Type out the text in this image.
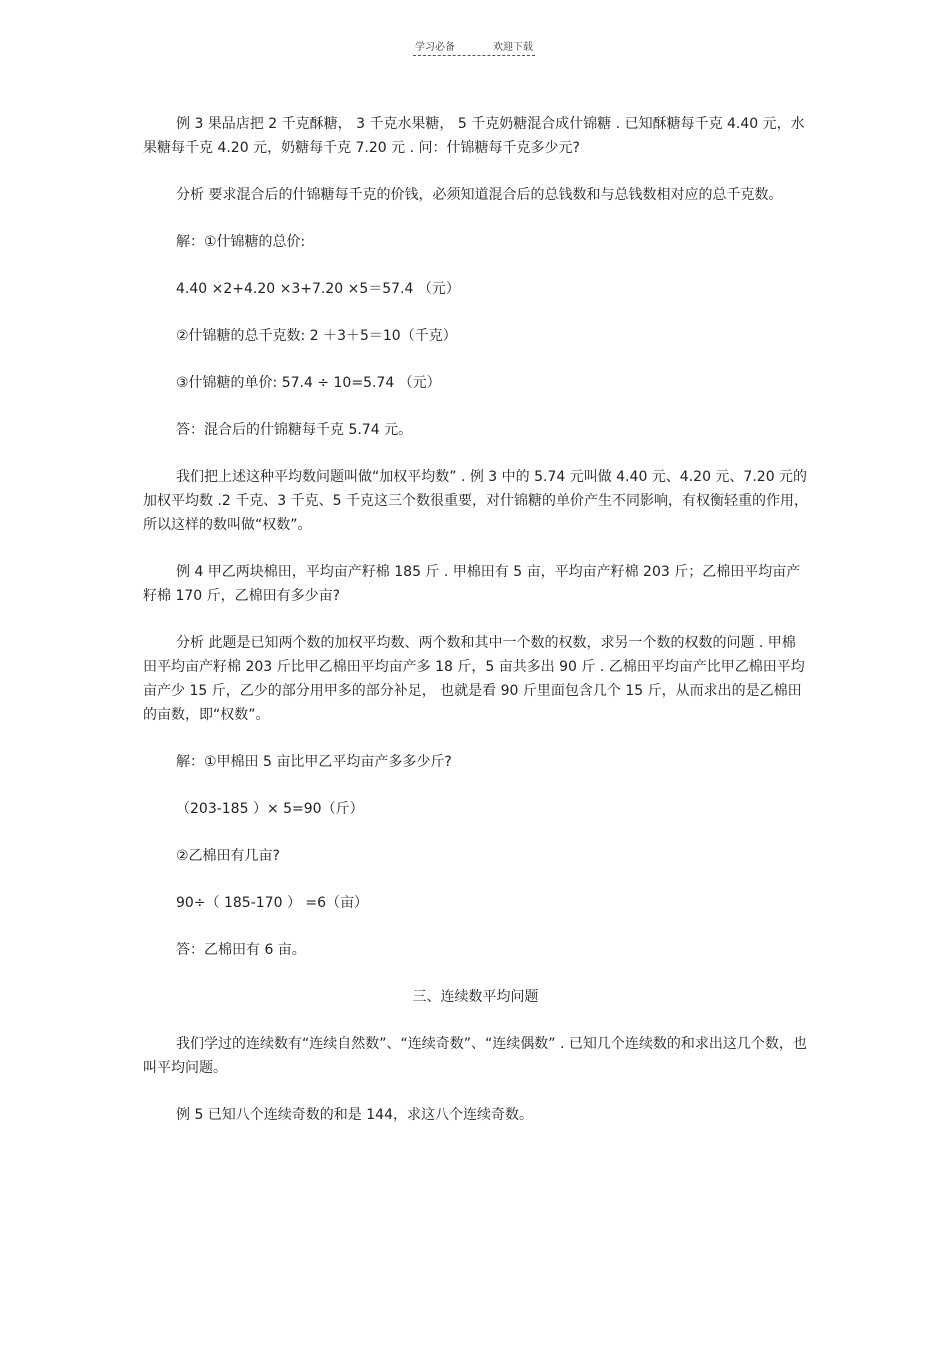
学习必备	欢迎下载

例 3 果品店把 2 千克酥糖， 3 千克水果糖， 5 千克奶糖混合成什锦糖 . 已知酥糖每千克 4.40 元，水果糖每千克 4.20 元，奶糖每千克 7.20 元 . 问：什锦糖每千克多少元?

分析 要求混合后的什锦糖每千克的价钱，必须知道混合后的总钱数和与总钱数相对应的总千克数。

解：①什锦糖的总价:

4.40 ×2+4.20 ×3+7.20 ×5＝57.4 （元）

②什锦糖的总千克数: 2 ＋3＋5＝10（千克）

③什锦糖的单价: 57.4 ÷ 10=5.74 （元）

答：混合后的什锦糖每千克 5.74 元。

我们把上述这种平均数问题叫做“加权平均数” . 例 3 中的 5.74 元叫做 4.40 元、4.20 元、7.20 元的加权平均数 .2 千克、3 千克、5 千克这三个数很重要，对什锦糖的单价产生不同影响，有权衡轻重的作用，所以这样的数叫做“权数”。

例 4 甲乙两块棉田，平均亩产籽棉 185 斤 . 甲棉田有 5 亩，平均亩产籽棉 203 斤；乙棉田平均亩产籽棉 170 斤，乙棉田有多少亩?

分析 此题是已知两个数的加权平均数、两个数和其中一个数的权数，求另一个数的权数的问题 . 甲棉田平均亩产籽棉 203 斤比甲乙棉田平均亩产多 18 斤，5 亩共多出 90 斤 . 乙棉田平均亩产比甲乙棉田平均亩产少 15 斤，乙少的部分用甲多的部分补足， 也就是看 90 斤里面包含几个 15 斤，从而求出的是乙棉田的亩数，即“权数”。

解：①甲棉田 5 亩比甲乙平均亩产多多少斤?

（203-185 ）× 5=90（斤）

②乙棉田有几亩?

90÷（ 185-170 ） =6（亩）

答：乙棉田有 6 亩。

三、连续数平均问题

我们学过的连续数有“连续自然数”、“连续奇数”、“连续偶数” . 已知几个连续数的和求出这几个数，也叫平均问题。

例 5 已知八个连续奇数的和是 144，求这八个连续奇数。
